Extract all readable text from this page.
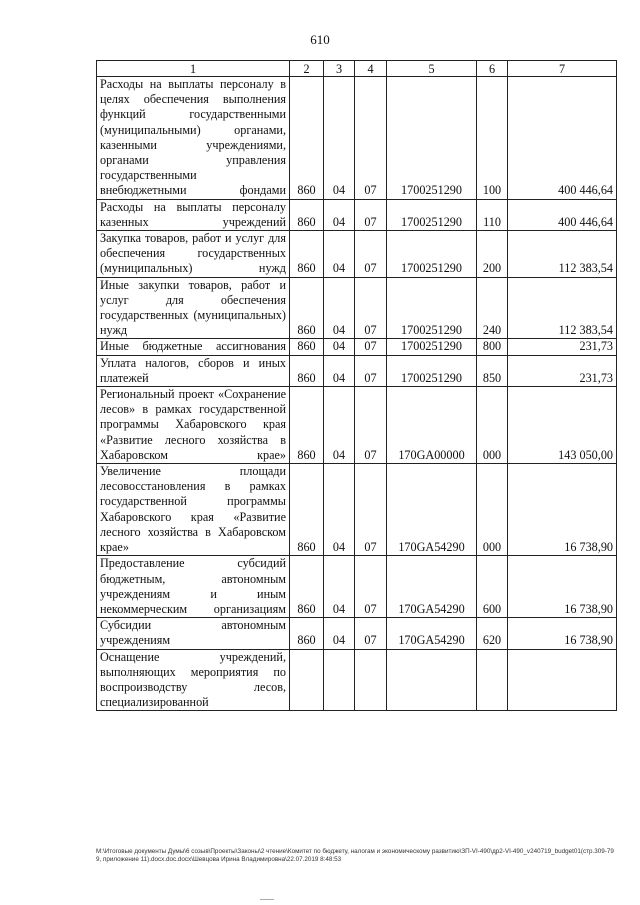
610
1	2	3	4	5	6	7
Расходы на выплаты персоналу в целях обеспечения выполнения функций государственными (муниципальными) органами, казенными учреждениями, органами управления государственными внебюджетными фондами	860	04	07	1700251290	100	400 446,64
Расходы на выплаты персоналу казенных учреждений	860	04	07	1700251290	110	400 446,64
Закупка товаров, работ и услуг для обеспечения государственных (муниципальных) нужд	860	04	07	1700251290	200	112 383,54
Иные закупки товаров, работ и услуг для обеспечения государственных (муниципальных) нужд	860	04	07	1700251290	240	112 383,54
Иные бюджетные ассигнования	860	04	07	1700251290	800	231,73
Уплата налогов, сборов и иных платежей	860	04	07	1700251290	850	231,73
Региональный проект «Сохранение лесов» в рамках государственной программы Хабаровского края «Развитие лесного хозяйства в Хабаровском крае»	860	04	07	170GA00000	000	143 050,00
Увеличение площади лесовосстановления в рамках государственной программы Хабаровского края «Развитие лесного хозяйства в Хабаровском крае»	860	04	07	170GA54290	000	16 738,90
Предоставление субсидий бюджетным, автономным учреждениям и иным некоммерческим организациям	860	04	07	170GA54290	600	16 738,90
Субсидии автономным учреждениям	860	04	07	170GA54290	620	16 738,90
Оснащение учреждений, выполняющих мероприятия по воспроизводству лесов, специализированной						
М:\Итоговые документы Думы\6 созыв\Проекты\Законы\2 чтение\Комитет по бюджету, налогам и экономическому развитию\ЗП-VI-490\др2-VI-490_v240719_budget01(стр.309-799, приложение 11).docx.doc.docx\Шевцова Ирина Владимировна\22.07.2019 8:48:53
